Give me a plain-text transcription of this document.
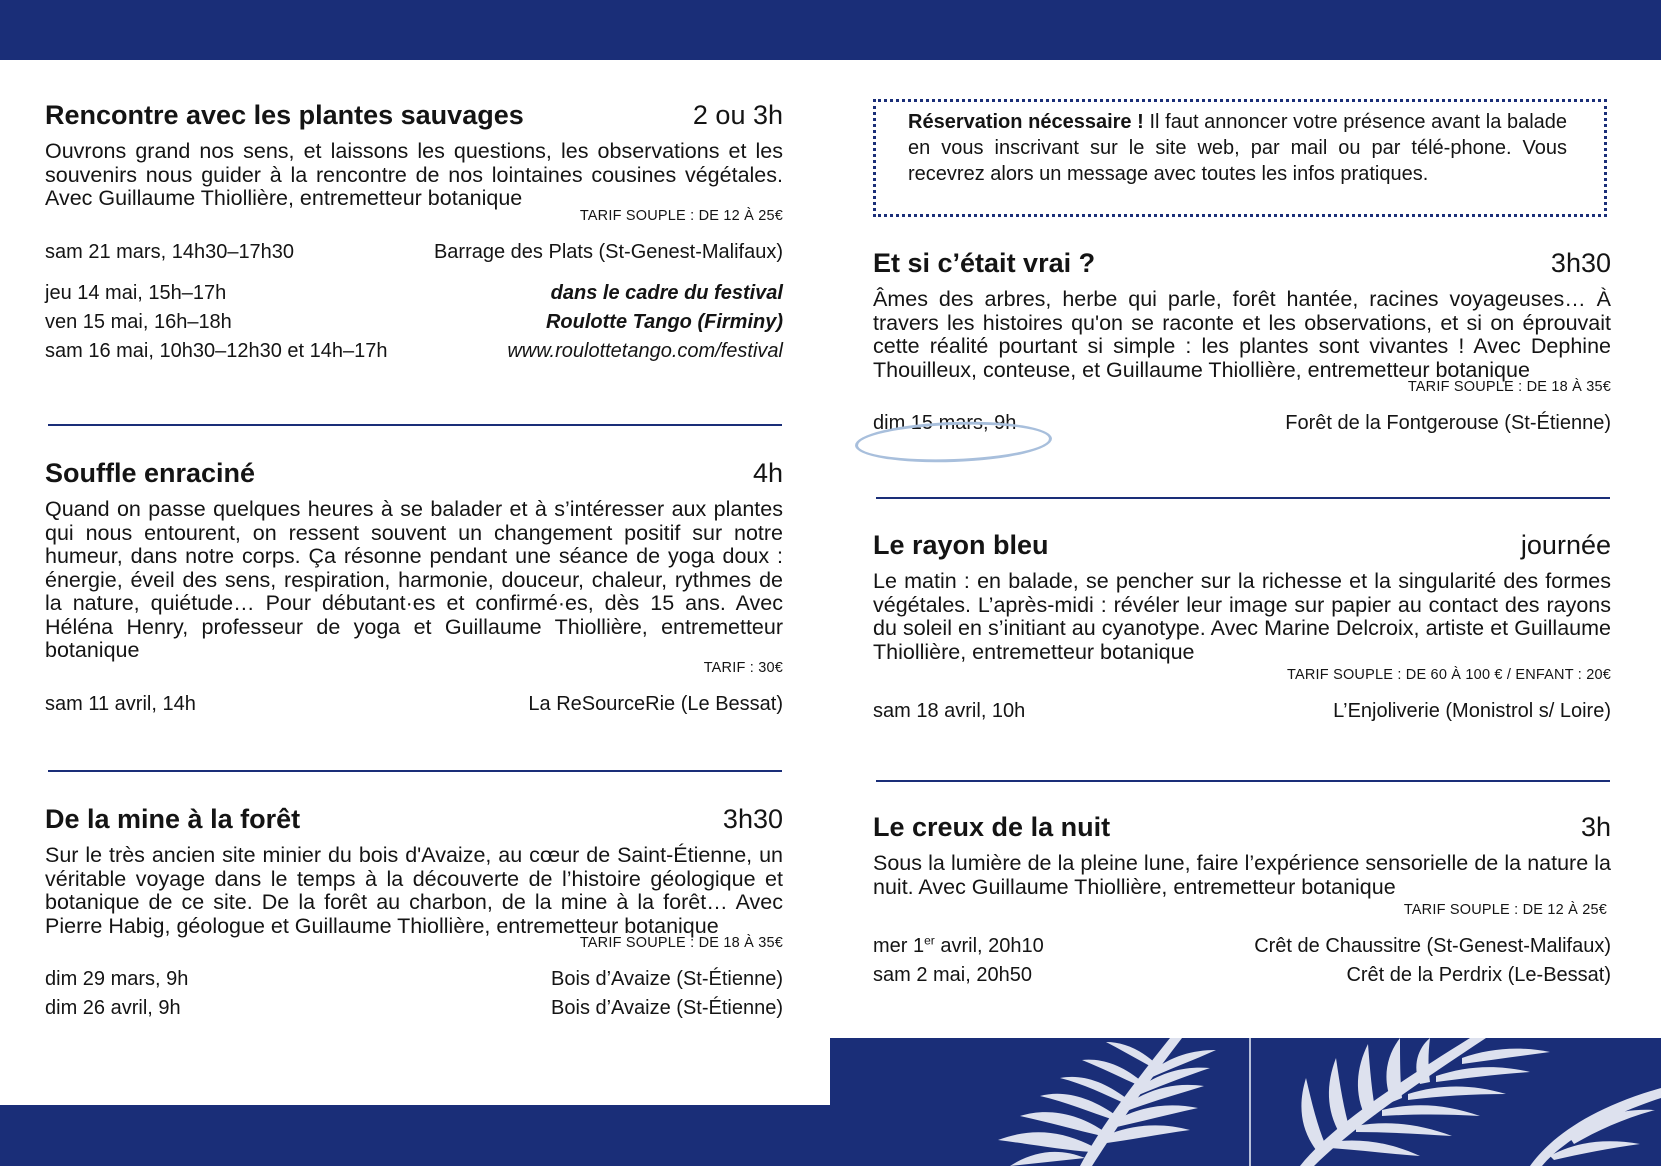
Rencontre avec les plantes sauvages	2 ou 3h

Ouvrons grand nos sens, et laissons les questions, les observations et les souvenirs nous guider à la rencontre de nos lointaines cousines végétales. Avec Guillaume Thiollière, entremetteur botanique

TARIF SOUPLE : DE 12 À 25€
sam 21 mars, 14h30–17h30	Barrage des Plats (St-Genest-Malifaux)
jeu 14 mai, 15h–17h	dans le cadre du festival
ven 15 mai, 16h–18h	Roulotte Tango (Firminy)
sam 16 mai, 10h30–12h30 et 14h–17h	www.roulottetango.com/festival
Souffle enraciné	4h

Quand on passe quelques heures à se balader et à s’intéresser aux plantes qui nous entourent, on ressent souvent un changement positif sur notre humeur, dans notre corps. Ça résonne pendant une séance de yoga doux : énergie, éveil des sens, respiration, harmonie, douceur, chaleur, rythmes de la nature, quiétude… Pour débutant·es et confirmé·es, dès 15 ans. Avec Héléna Henry, professeur de yoga et Guillaume Thiollière, entremetteur botanique

TARIF : 30€
sam 11 avril, 14h	La ReSourceRie (Le Bessat)
De la mine à la forêt	3h30

Sur le très ancien site minier du bois d'Avaize, au cœur de Saint-Étienne, un véritable voyage dans le temps à la découverte de l’histoire géologique et botanique de ce site. De la forêt au charbon, de la mine à la forêt… Avec Pierre Habig, géologue et Guillaume Thiollière, entremetteur botanique

TARIF SOUPLE : DE 18 À 35€
dim 29 mars, 9h	Bois d’Avaize (St-Étienne)
dim 26 avril, 9h	Bois d’Avaize (St-Étienne)
Réservation nécessaire ! Il faut annoncer votre présence avant la balade en vous inscrivant sur le site web, par mail ou par télé-phone. Vous recevrez alors un message avec toutes les infos pratiques.
Et si c’était vrai ?	3h30

Âmes des arbres, herbe qui parle, forêt hantée, racines voyageuses… À travers les histoires qu'on se raconte et les observations, et si on éprouvait cette réalité pourtant si simple : les plantes sont vivantes ! Avec Dephine Thouilleux, conteuse, et Guillaume Thiollière, entremetteur botanique

TARIF SOUPLE : DE 18 À 35€
dim 15 mars, 9h	Forêt de la Fontgerouse (St-Étienne)
Le rayon bleu	journée

Le matin : en balade, se pencher sur la richesse et la singularité des formes végétales. L’après-midi : révéler leur image sur papier au contact des rayons du soleil en s’initiant au cyanotype. Avec Marine Delcroix, artiste et Guillaume Thiollière, entremetteur botanique

TARIF SOUPLE : DE 60 À 100 € / ENFANT : 20€
sam 18 avril, 10h	L’Enjoliverie (Monistrol s/ Loire)
Le creux de la nuit	3h

Sous la lumière de la pleine lune, faire l’expérience sensorielle de la nature la nuit. Avec Guillaume Thiollière, entremetteur botanique

TARIF SOUPLE : DE 12 À 25€
mer 1er avril, 20h10	Crêt de Chaussitre (St-Genest-Malifaux)
sam 2 mai, 20h50	Crêt de la Perdrix (Le-Bessat)
